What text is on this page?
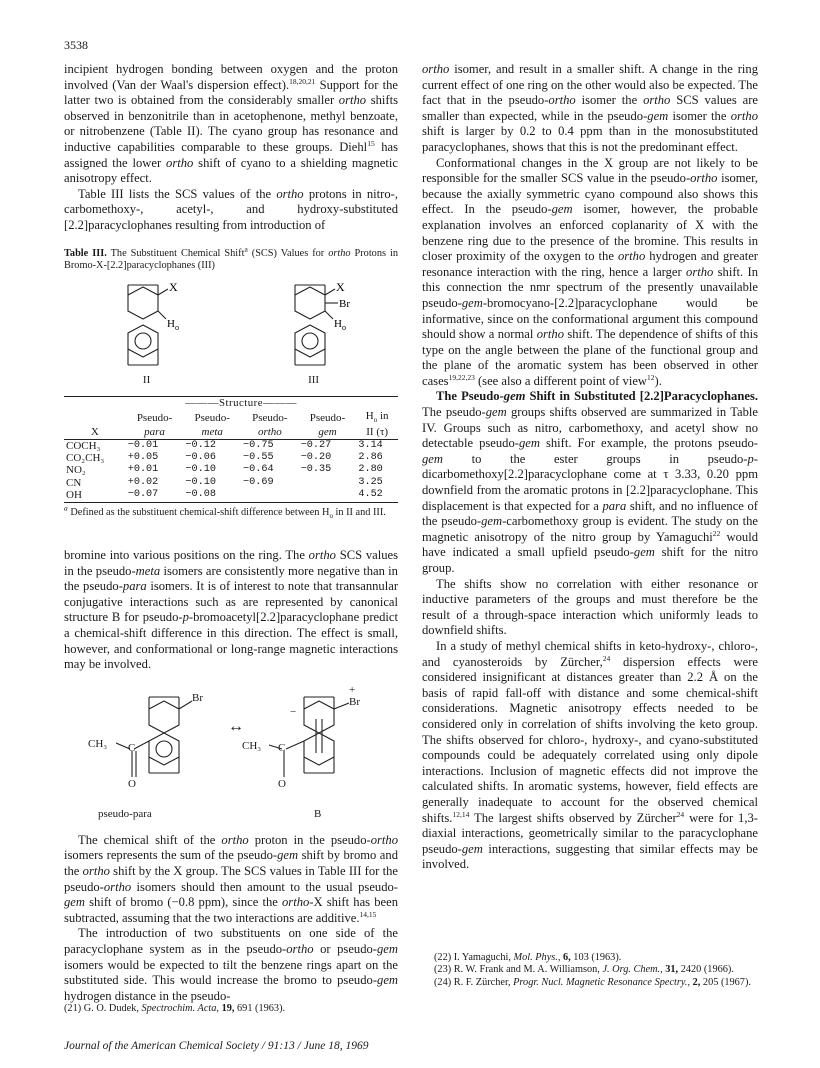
3538

incipient hydrogen bonding between oxygen and the proton involved (Van der Waal's dispersion effect).$^{18,20,21}$ Support for the latter two is obtained from the considerably smaller ortho shifts observed in benzonitrile than in acetophenone, methyl benzoate, or nitrobenzene (Table II). The cyano group has resonance and inductive capabilities comparable to these groups. Diehl$^{15}$ has assigned the lower ortho shift of cyano to a shielding magnetic anisotropy effect.

Table III lists the SCS values of the ortho protons in nitro-, carbomethoxy-, acetyl-, and hydroxy-substituted [2.2]paracyclophanes resulting from introduction of

Table III. The Substituent Chemical Shift$^a$ (SCS) Values for ortho Protons in Bromo-X-[2.2]paracyclophanes (III)

X
$H_o$
X
Br
$H_o$
II	III
	———Structure———				
	Pseudo-	Pseudo-	Pseudo-	Pseudo-	$H_o$ in
X	para	meta	ortho	gem	II (τ)
COCH₃	−0.01	−0.12	−0.75	−0.27	3.14
CO₂CH₃	+0.05	−0.06	−0.55	−0.20	2.86
NO₂	+0.01	−0.10	−0.64	−0.35	2.80
CN	+0.02	−0.10	−0.69		3.25
OH	−0.07	−0.08			4.52

$^a$ Defined as the substituent chemical-shift difference between $H_o$ in II and III.

bromine into various positions on the ring. The ortho SCS values in the pseudo-meta isomers are consistently more negative than in the pseudo-para isomers. It is of interest to note that transannular conjugative interactions such as are represented by canonical structure B for pseudo-p-bromoacetyl[2.2]paracyclophane predict a chemical-shift difference in this direction. The effect is small, however, and conformational or long-range magnetic interactions may be involved.

Br
CH₃ C
O
↔
−
+
Br
CH₃ C
O
pseudo-para	B

The chemical shift of the ortho proton in the pseudo-ortho isomers represents the sum of the pseudo-gem shift by bromo and the ortho shift by the X group. The SCS values in Table III for the pseudo-ortho isomers should then amount to the usual pseudo-gem shift of bromo (−0.8 ppm), since the ortho-X shift has been subtracted, assuming that the two interactions are additive.$^{14,15}$

The introduction of two substituents on one side of the paracyclophane system as in the pseudo-ortho or pseudo-gem isomers would be expected to tilt the benzene rings apart on the substituted side. This would increase the bromo to pseudo-gem hydrogen distance in the pseudo-

(21) G. O. Dudek, Spectrochim. Acta, 19, 691 (1963).

ortho isomer, and result in a smaller shift. A change in the ring current effect of one ring on the other would also be expected. The fact that in the pseudo-ortho isomer the ortho SCS values are smaller than expected, while in the pseudo-gem isomer the ortho shift is larger by 0.2 to 0.4 ppm than in the monosubstituted paracyclophanes, shows that this is not the predominant effect.

Conformational changes in the X group are not likely to be responsible for the smaller SCS value in the pseudo-ortho isomer, because the axially symmetric cyano compound also shows this effect. In the pseudo-gem isomer, however, the probable explanation involves an enforced coplanarity of X with the benzene ring due to the presence of the bromine. This results in closer proximity of the oxygen to the ortho hydrogen and greater resonance interaction with the ring, hence a larger ortho shift. In this connection the nmr spectrum of the presently unavailable pseudo-gem-bromocyano-[2.2]paracyclophane would be informative, since on the conformational argument this compound should show a normal ortho shift. The dependence of shifts of this type on the angle between the plane of the functional group and the plane of the aromatic system has been observed in other cases$^{19,22,23}$ (see also a different point of view$^{12}$).

The Pseudo-gem Shift in Substituted [2.2]Paracyclophanes. The pseudo-gem groups shifts observed are summarized in Table IV. Groups such as nitro, carbomethoxy, and acetyl show no detectable pseudo-gem shift. For example, the protons pseudo-gem to the ester groups in pseudo-p-dicarbomethoxy[2.2]paracyclophane come at τ 3.33, 0.20 ppm downfield from the aromatic protons in [2.2]paracyclophane. This displacement is that expected for a para shift, and no influence of the pseudo-gem-carbomethoxy group is evident. The study on the magnetic anisotropy of the nitro group by Yamaguchi$^{22}$ would have indicated a small upfield pseudo-gem shift for the nitro group.

The shifts show no correlation with either resonance or inductive parameters of the groups and must therefore be the result of a through-space interaction which uniformly leads to downfield shifts.

In a study of methyl chemical shifts in keto-hydroxy-, chloro-, and cyanosteroids by Zürcher,$^{24}$ dispersion effects were considered insignificant at distances greater than 2.2 Å on the basis of rapid fall-off with distance and some chemical-shift considerations. Magnetic anisotropy effects needed to be considered only in correlation of shifts involving the keto group. The shifts observed for chloro-, hydroxy-, and cyano-substituted compounds could be adequately correlated using only dipole interactions. Inclusion of magnetic effects did not improve the calculated shifts. In aromatic systems, however, field effects are generally inadequate to account for the observed chemical shifts.$^{12,14}$ The largest shifts observed by Zürcher$^{24}$ were for 1,3-diaxial interactions, geometrically similar to the paracyclophane pseudo-gem interactions, suggesting that similar effects may be involved.

(22) I. Yamaguchi, Mol. Phys., 6, 103 (1963).
(23) R. W. Frank and M. A. Williamson, J. Org. Chem., 31, 2420 (1966).
(24) R. F. Zürcher, Progr. Nucl. Magnetic Resonance Spectry., 2, 205 (1967).
Journal of the American Chemical Society / 91:13 / June 18, 1969
